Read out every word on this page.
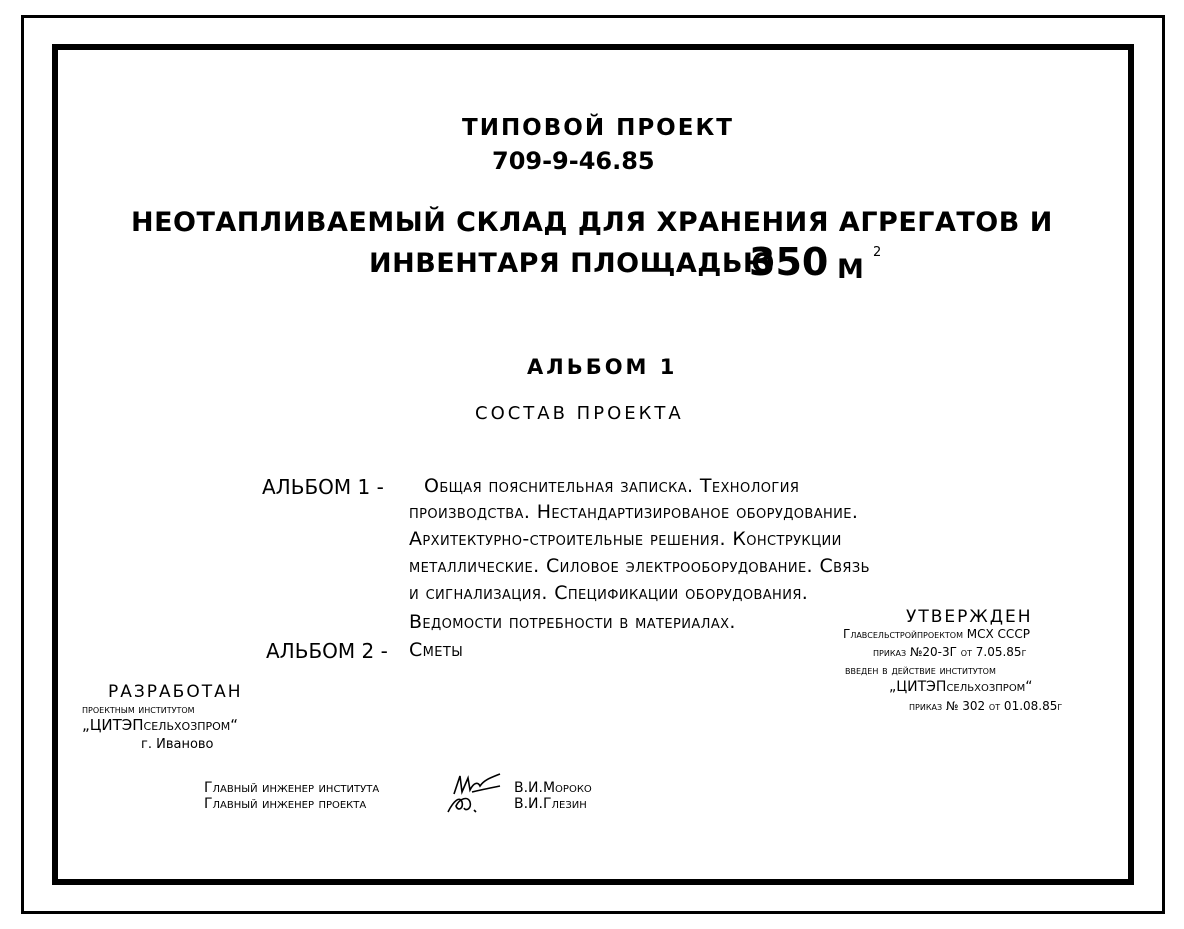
ТИПОВОЙ ПРОЕКТ
709-9-46.85
НЕОТАПЛИВАЕМЫЙ СКЛАД ДЛЯ ХРАНЕНИЯ АГРЕГАТОВ И
ИНВЕНТАРЯ ПЛОЩАДЬЮ
350 М
2
АЛЬБОМ 1
СОСТАВ ПРОЕКТА
АЛЬБОМ 1 - Общая пояснительная записка. Технология
производства. Нестандартизированое оборудование.
Архитектурно-строительные решения. Конструкции
металлические. Силовое электрооборудование. Связь
и сигнализация. Спецификации оборудования.
Ведомости потребности в материалах.
АЛЬБОМ 2 - Сметы
УТВЕРЖДЕН
Главсельстройпроектом МСХ СССР
приказ №20-3Г от 7.05.85г
введен в действие институтом
„ЦИТЭПсельхозпром“
приказ № 302 от 01.08.85г
РАЗРАБОТАН
проектным институтом
„ЦИТЭПсельхозпром“
г. Иваново
Главный инженер института
Главный инженер проекта
В.И.Мороко
В.И.Глезин
